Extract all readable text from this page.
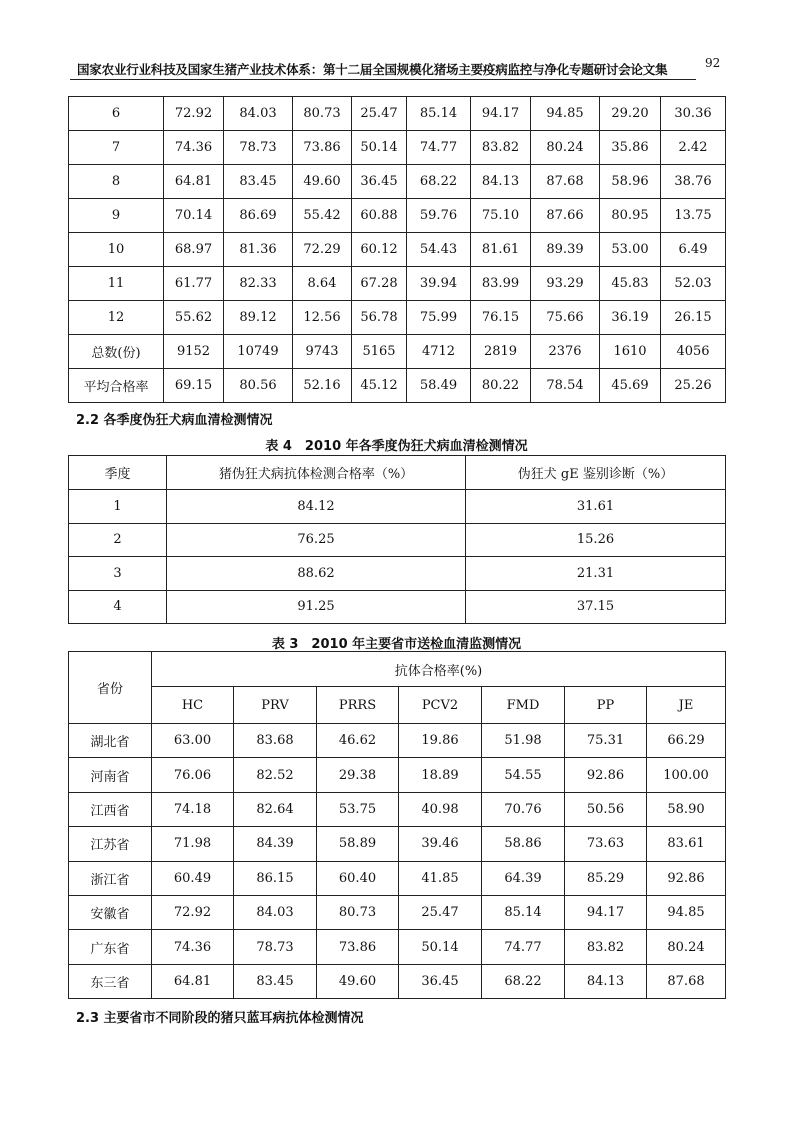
国家农业行业科技及国家生猪产业技术体系：第十二届全国规模化猪场主要疫病监控与净化专题研讨会论文集	92
6	72.92	84.03	80.73	25.47	85.14	94.17	94.85	29.20	30.36
7	74.36	78.73	73.86	50.14	74.77	83.82	80.24	35.86	2.42
8	64.81	83.45	49.60	36.45	68.22	84.13	87.68	58.96	38.76
9	70.14	86.69	55.42	60.88	59.76	75.10	87.66	80.95	13.75
10	68.97	81.36	72.29	60.12	54.43	81.61	89.39	53.00	6.49
11	61.77	82.33	8.64	67.28	39.94	83.99	93.29	45.83	52.03
12	55.62	89.12	12.56	56.78	75.99	76.15	75.66	36.19	26.15
总数(份)	9152	10749	9743	5165	4712	2819	2376	1610	4056
平均合格率	69.15	80.56	52.16	45.12	58.49	80.22	78.54	45.69	25.26
2.2 各季度伪狂犬病血清检测情况
表 4　2010 年各季度伪狂犬病血清检测情况
季度	猪伪狂犬病抗体检测合格率（%）	伪狂犬 gE 鉴别诊断（%）
1	84.12	31.61
2	76.25	15.26
3	88.62	21.31
4	91.25	37.15
表 3　2010 年主要省市送检血清监测情况
省份	抗体合格率(%)						
	HC	PRV	PRRS	PCV2	FMD	PP	JE
湖北省	63.00	83.68	46.62	19.86	51.98	75.31	66.29
河南省	76.06	82.52	29.38	18.89	54.55	92.86	100.00
江西省	74.18	82.64	53.75	40.98	70.76	50.56	58.90
江苏省	71.98	84.39	58.89	39.46	58.86	73.63	83.61
浙江省	60.49	86.15	60.40	41.85	64.39	85.29	92.86
安徽省	72.92	84.03	80.73	25.47	85.14	94.17	94.85
广东省	74.36	78.73	73.86	50.14	74.77	83.82	80.24
东三省	64.81	83.45	49.60	36.45	68.22	84.13	87.68
2.3 主要省市不同阶段的猪只蓝耳病抗体检测情况
